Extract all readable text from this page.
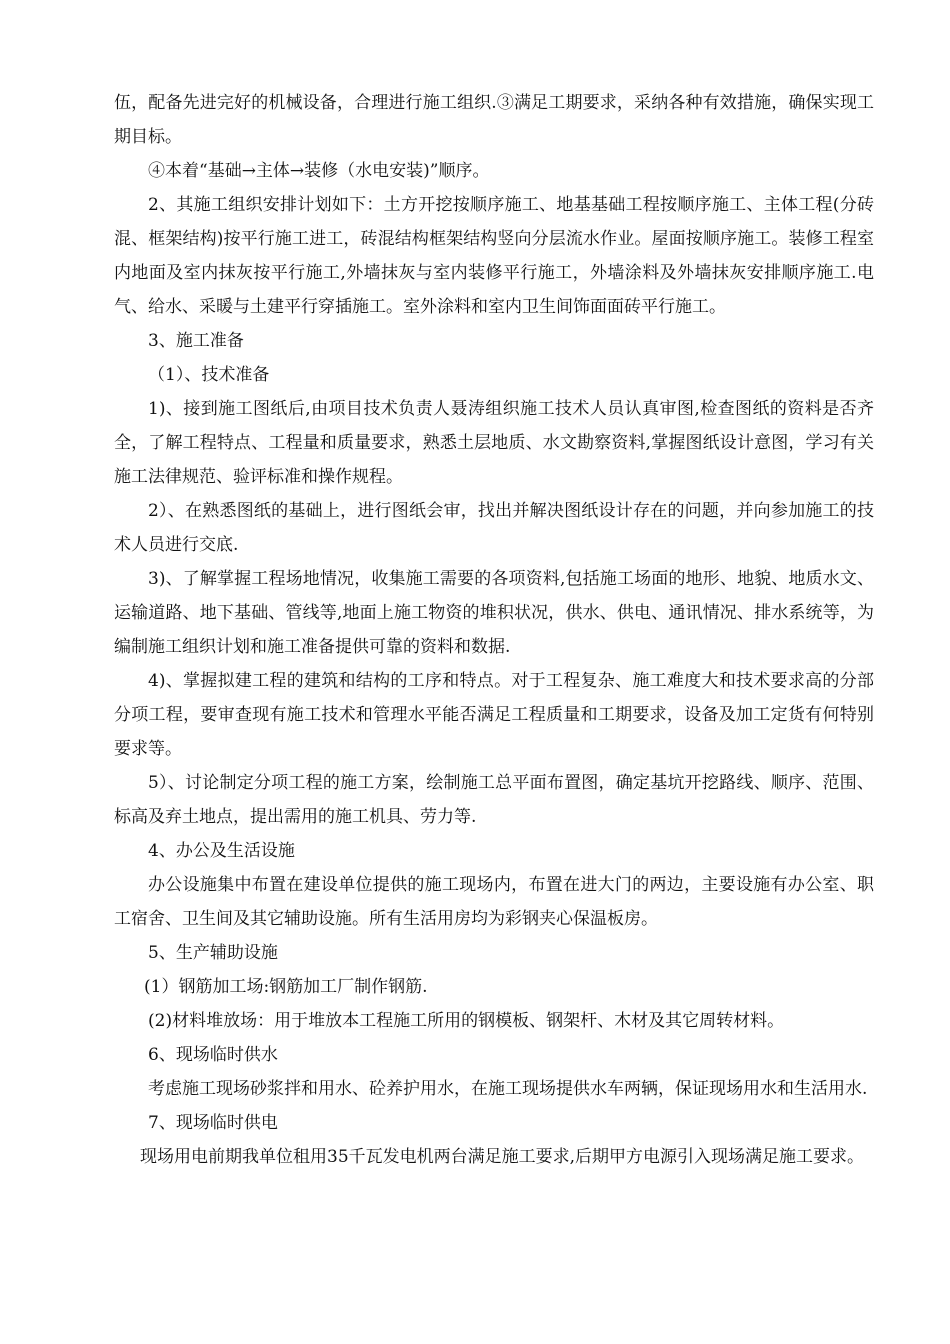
伍，配备先进完好的机械设备，合理进行施工组织.③满足工期要求，采纳各种有效措施，确保实现工期目标。

④本着“基础→主体→装修（水电安装)”顺序。

2、其施工组织安排计划如下：土方开挖按顺序施工、地基基础工程按顺序施工、主体工程(分砖混、框架结构)按平行施工进工，砖混结构框架结构竖向分层流水作业。屋面按顺序施工。装修工程室内地面及室内抹灰按平行施工,外墙抹灰与室内装修平行施工，外墙涂料及外墙抹灰安排顺序施工.电气、给水、采暖与土建平行穿插施工。室外涂料和室内卫生间饰面面砖平行施工。

3、施工准备

（1）、技术准备

1)、接到施工图纸后,由项目技术负责人聂涛组织施工技术人员认真审图,检查图纸的资料是否齐全，了解工程特点、工程量和质量要求，熟悉土层地质、水文勘察资料,掌握图纸设计意图，学习有关施工法律规范、验评标准和操作规程。

2）、在熟悉图纸的基础上，进行图纸会审，找出并解决图纸设计存在的问题，并向参加施工的技术人员进行交底.

3)、了解掌握工程场地情况，收集施工需要的各项资料,包括施工场面的地形、地貌、地质水文、运输道路、地下基础、管线等,地面上施工物资的堆积状况，供水、供电、通讯情况、排水系统等，为编制施工组织计划和施工准备提供可靠的资料和数据.

4)、掌握拟建工程的建筑和结构的工序和特点。对于工程复杂、施工难度大和技术要求高的分部分项工程，要审查现有施工技术和管理水平能否满足工程质量和工期要求，设备及加工定货有何特别要求等。

5）、讨论制定分项工程的施工方案，绘制施工总平面布置图，确定基坑开挖路线、顺序、范围、标高及弃土地点，提出需用的施工机具、劳力等.

4、办公及生活设施

办公设施集中布置在建设单位提供的施工现场内，布置在进大门的两边，主要设施有办公室、职工宿舍、卫生间及其它辅助设施。所有生活用房均为彩钢夹心保温板房。

5、生产辅助设施

(1）钢筋加工场:钢筋加工厂制作钢筋.

(2)材料堆放场：用于堆放本工程施工所用的钢模板、钢架杆、木材及其它周转材料。

6、现场临时供水

考虑施工现场砂浆拌和用水、砼养护用水，在施工现场提供水车两辆，保证现场用水和生活用水.

7、现场临时供电

现场用电前期我单位租用35千瓦发电机两台满足施工要求,后期甲方电源引入现场满足施工要求。
